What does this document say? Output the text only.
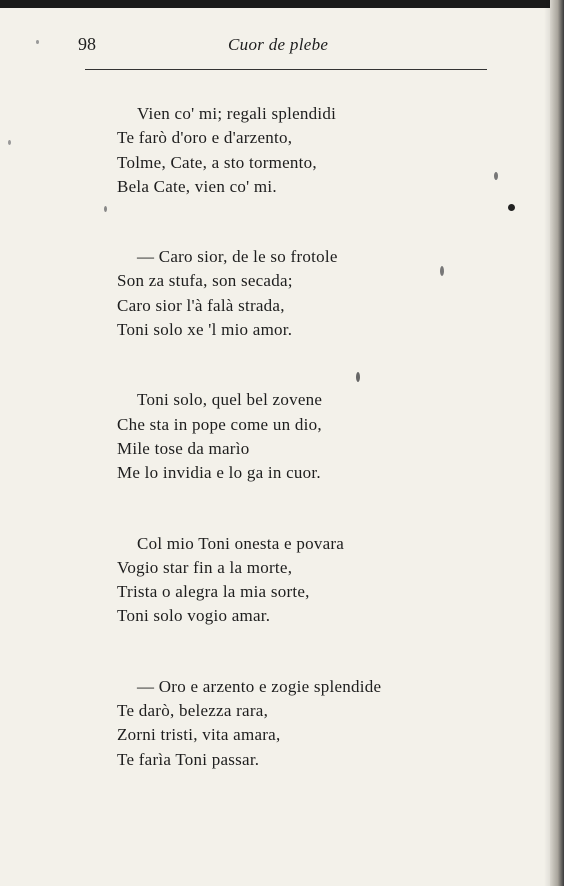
98	Cuor de plebe
Vien co' mi; regali splendidi
Te farò d'oro e d'arzento,
Tolme, Cate, a sto tormento,
Bela Cate, vien co' mi.
— Caro sior, de le so frotole
Son za stufa, son secada;
Caro sior l'à falà strada,
Toni solo xe 'l mio amor.
Toni solo, quel bel zovene
Che sta in pope come un dio,
Mile tose da marìo
Me lo invidia e lo ga in cuor.
Col mio Toni onesta e povara
Vogio star fin a la morte,
Trista o alegra la mia sorte,
Toni solo vogio amar.
— Oro e arzento e zogie splendide
Te darò, belezza rara,
Zorni tristi, vita amara,
Te farìa Toni passar.
